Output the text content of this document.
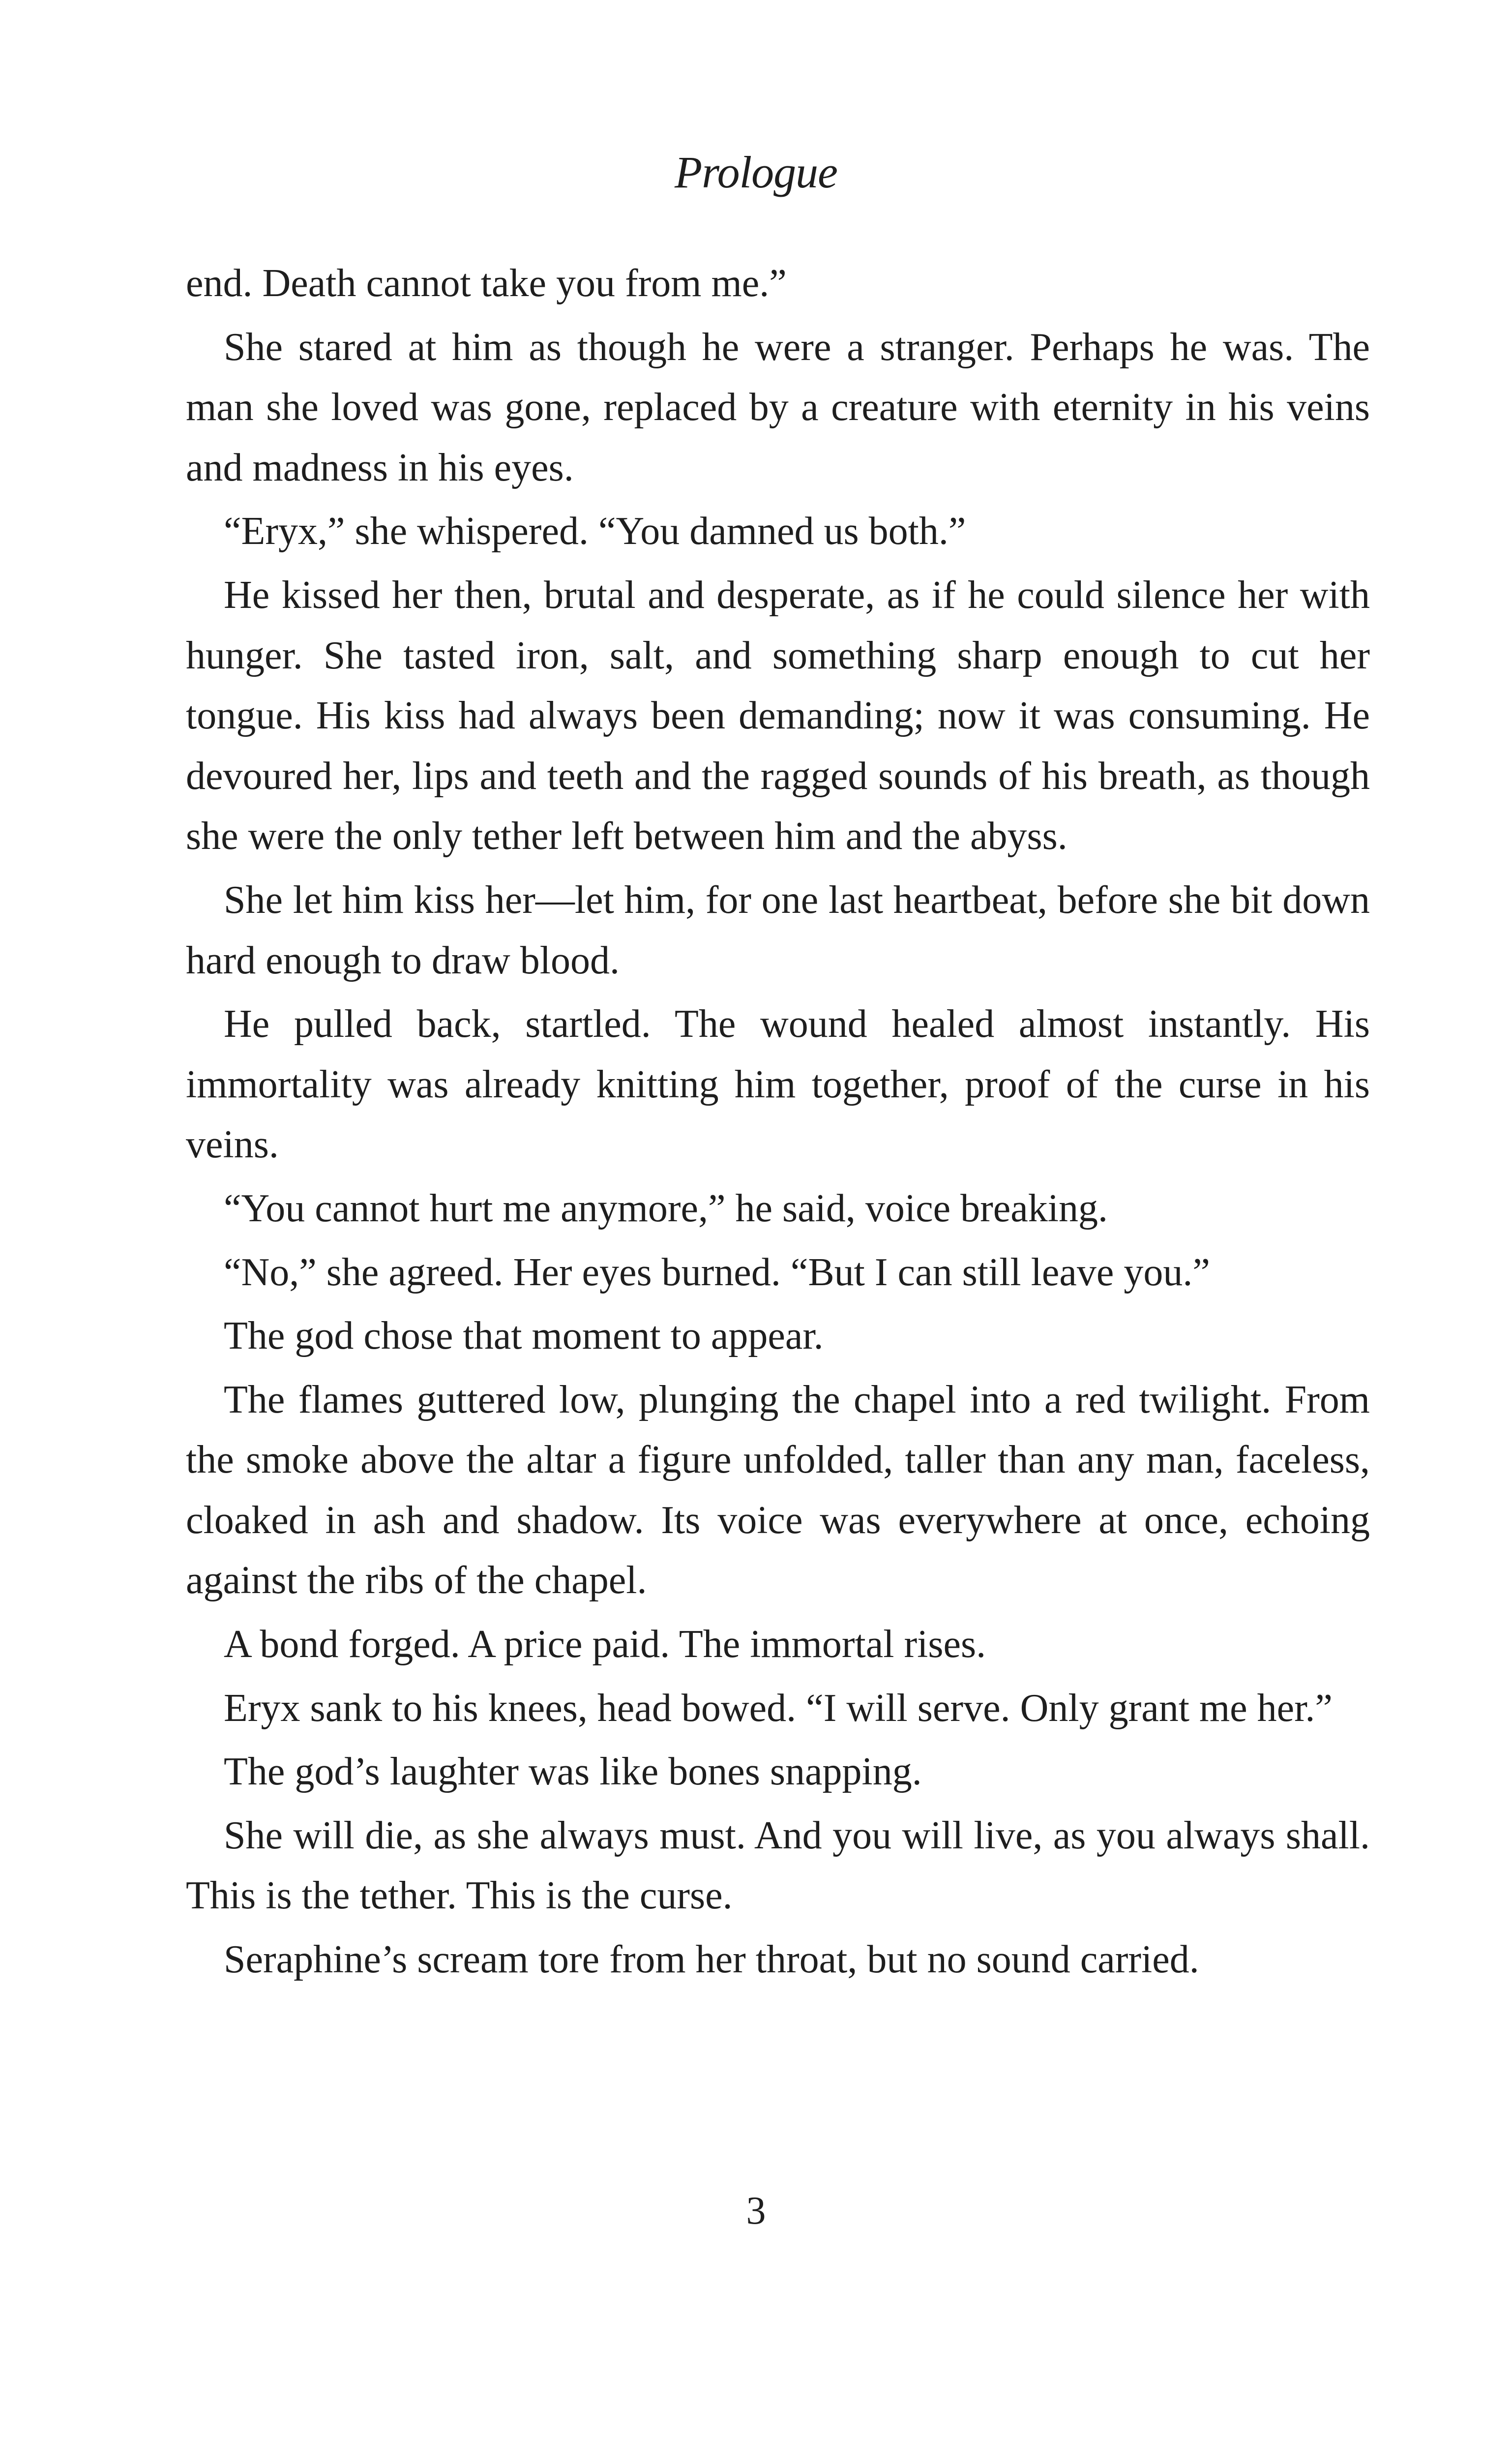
Prologue

end. Death cannot take you from me.”

She stared at him as though he were a stranger. Perhaps he was. The man she loved was gone, replaced by a creature with eternity in his veins and madness in his eyes.

“Eryx,” she whispered. “You damned us both.”

He kissed her then, brutal and desperate, as if he could silence her with hunger. She tasted iron, salt, and something sharp enough to cut her tongue. His kiss had always been demanding; now it was consuming. He devoured her, lips and teeth and the ragged sounds of his breath, as though she were the only tether left between him and the abyss.

She let him kiss her—let him, for one last heartbeat, before she bit down hard enough to draw blood.

He pulled back, startled. The wound healed almost instantly. His immortality was already knitting him together, proof of the curse in his veins.

“You cannot hurt me anymore,” he said, voice breaking.

“No,” she agreed. Her eyes burned. “But I can still leave you.”

The god chose that moment to appear.

The flames guttered low, plunging the chapel into a red twilight. From the smoke above the altar a figure unfolded, taller than any man, faceless, cloaked in ash and shadow. Its voice was everywhere at once, echoing against the ribs of the chapel.

A bond forged. A price paid. The immortal rises.

Eryx sank to his knees, head bowed. “I will serve. Only grant me her.”

The god’s laughter was like bones snapping.

She will die, as she always must. And you will live, as you always shall. This is the tether. This is the curse.

Seraphine’s scream tore from her throat, but no sound carried.

3
